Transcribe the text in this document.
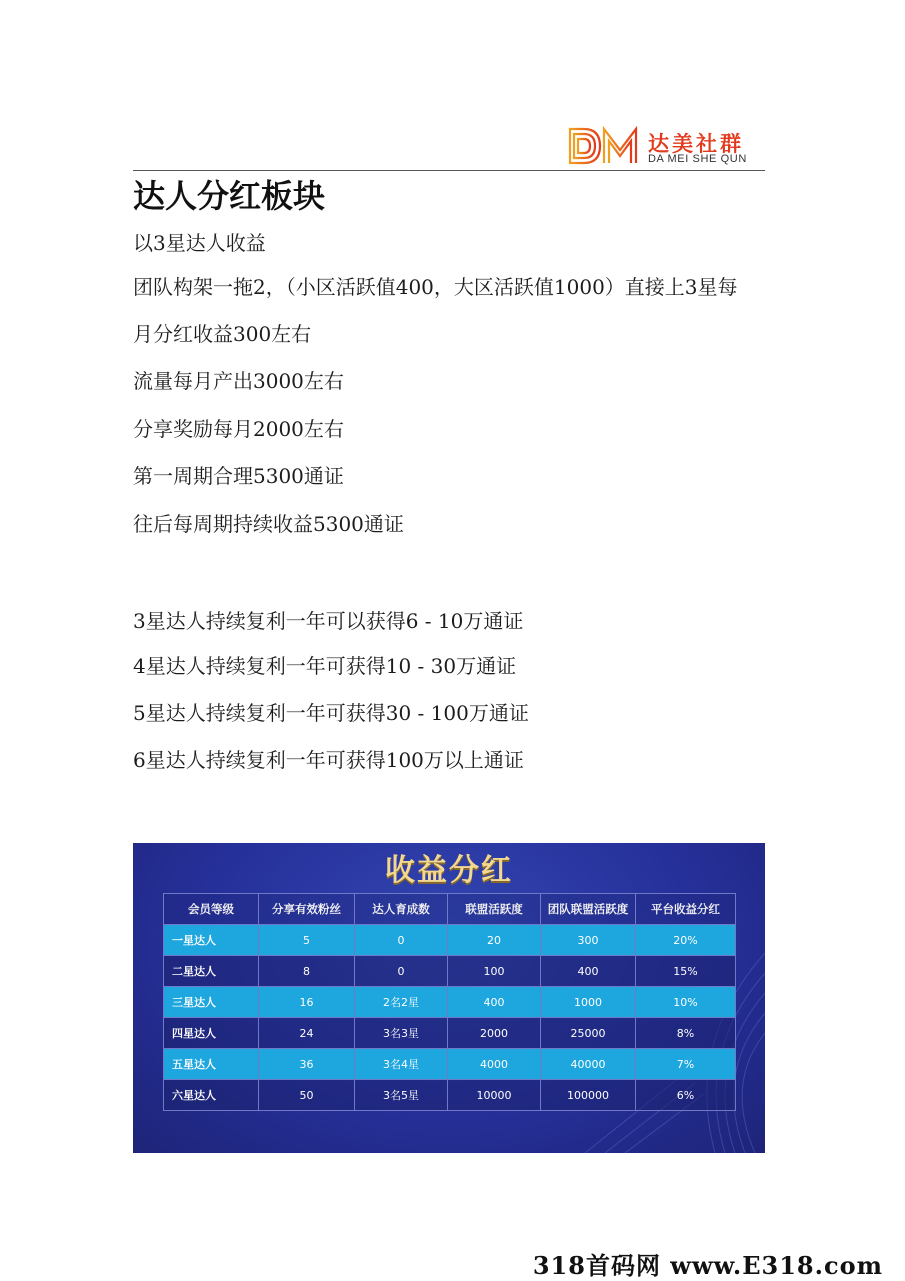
达美社群
DA MEI SHE QUN
达人分红板块
以3星达人收益
团队构架一拖2，（小区活跃值400，大区活跃值1000）直接上3星每
月分红收益300左右
流量每月产出3000左右
分享奖励每月2000左右
第一周期合理5300通证
往后每周期持续收益5300通证
3星达人持续复利一年可以获得6 - 10万通证
4星达人持续复利一年可获得10 - 30万通证
5星达人持续复利一年可获得30 - 100万通证
6星达人持续复利一年可获得100万以上通证
收益分红
会员等级	分享有效粉丝	达人育成数	联盟活跃度	团队联盟活跃度	平台收益分红
一星达人	5	0	20	300	20%
二星达人	8	0	100	400	15%
三星达人	16	2名2星	400	1000	10%
四星达人	24	3名3星	2000	25000	8%
五星达人	36	3名4星	4000	40000	7%
六星达人	50	3名5星	10000	100000	6%
318首码网 www.E318.com
